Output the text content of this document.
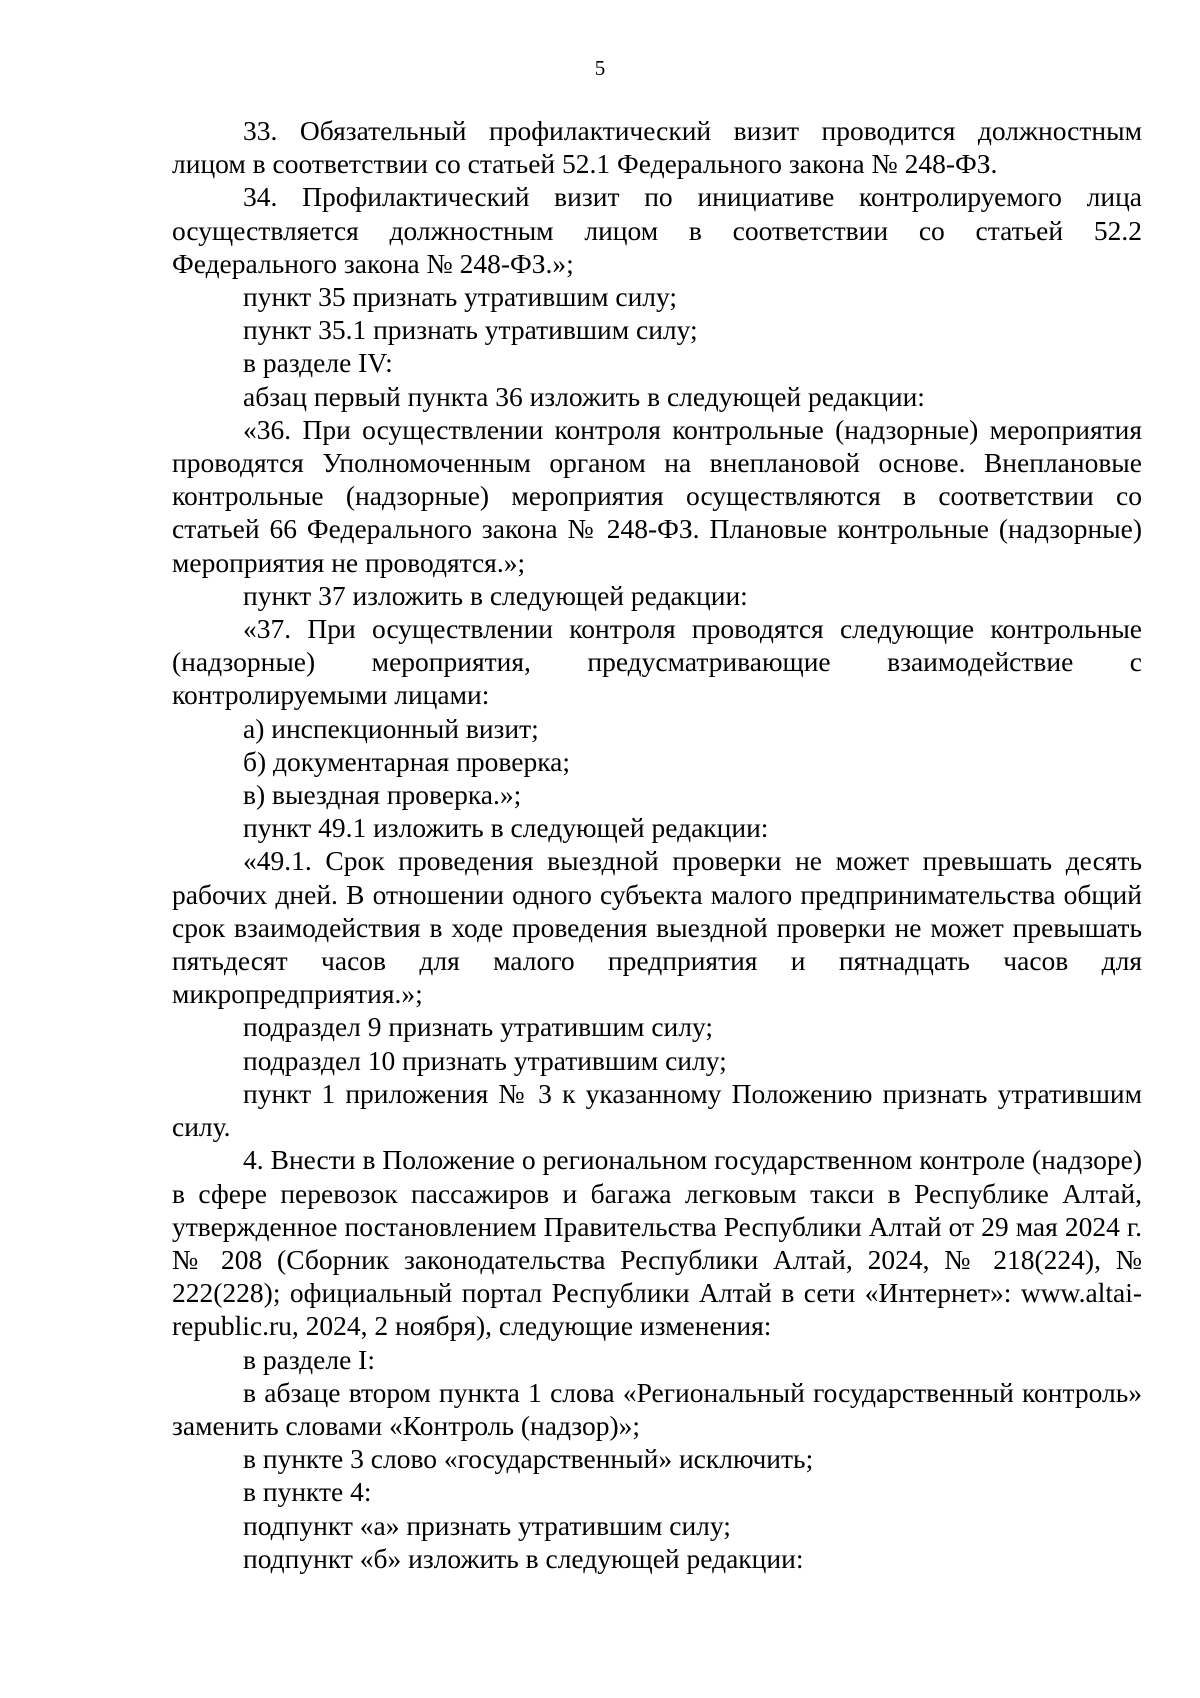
5

33. Обязательный профилактический визит проводится должностным лицом в соответствии со статьей 52.1 Федерального закона № 248-ФЗ.

34. Профилактический визит по инициативе контролируемого лица осуществляется должностным лицом в соответствии со статьей 52.2 Федерального закона № 248-ФЗ.»;

пункт 35 признать утратившим силу;

пункт 35.1 признать утратившим силу;

в разделе IV:

абзац первый пункта 36 изложить в следующей редакции:

«36. При осуществлении контроля контрольные (надзорные) мероприятия проводятся Уполномоченным органом на внеплановой основе. Внеплановые контрольные (надзорные) мероприятия осуществляются в соответствии со статьей 66 Федерального закона № 248-ФЗ. Плановые контрольные (надзорные) мероприятия не проводятся.»;

пункт 37 изложить в следующей редакции:

«37. При осуществлении контроля проводятся следующие контрольные (надзорные) мероприятия, предусматривающие взаимодействие с контролируемыми лицами:

а) инспекционный визит;

б) документарная проверка;

в) выездная проверка.»;

пункт 49.1 изложить в следующей редакции:

«49.1. Срок проведения выездной проверки не может превышать десять рабочих дней. В отношении одного субъекта малого предпринимательства общий срок взаимодействия в ходе проведения выездной проверки не может превышать пятьдесят часов для малого предприятия и пятнадцать часов для микропредприятия.»;

подраздел 9 признать утратившим силу;

подраздел 10 признать утратившим силу;

пункт 1 приложения № 3 к указанному Положению признать утратившим силу.

4. Внести в Положение о региональном государственном контроле (надзоре) в сфере перевозок пассажиров и багажа легковым такси в Республике Алтай, утвержденное постановлением Правительства Республики Алтай от 29 мая 2024 г. № 208 (Сборник законодательства Республики Алтай, 2024, № 218(224), № 222(228); официальный портал Республики Алтай в сети «Интернет»: www.altai-republic.ru, 2024, 2 ноября), следующие изменения:

в разделе I:

в абзаце втором пункта 1 слова «Региональный государственный контроль» заменить словами «Контроль (надзор)»;

в пункте 3 слово «государственный» исключить;

в пункте 4:

подпункт «а» признать утратившим силу;

подпункт «б» изложить в следующей редакции:
